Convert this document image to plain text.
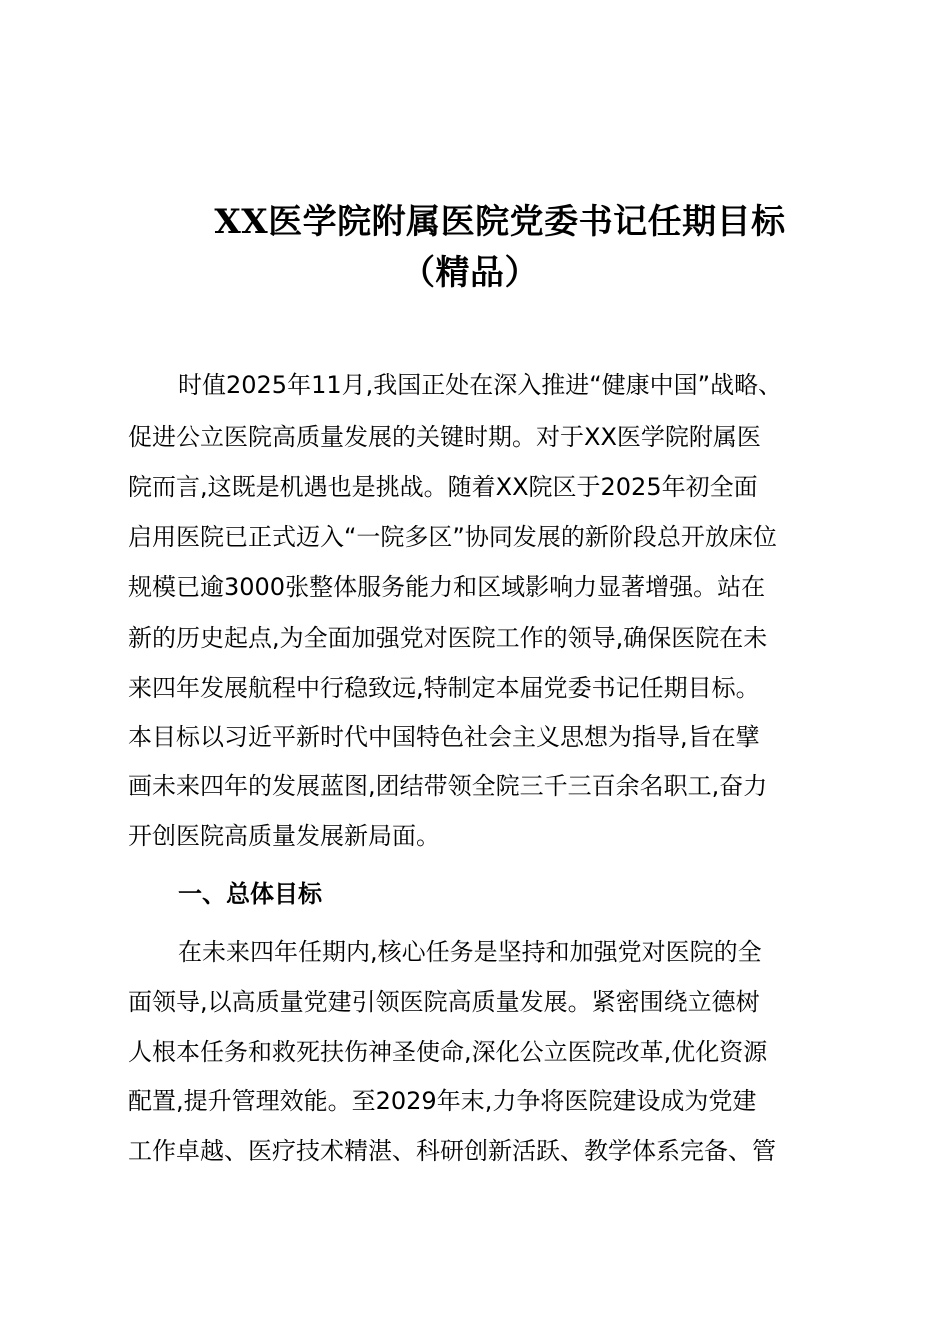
XX医学院附属医院党委书记任期目标
（精品）
时值2025年11月,我国正处在深入推进“健康中国”战略、
促进公立医院高质量发展的关键时期。对于XX医学院附属医
院而言,这既是机遇也是挑战。随着XX院区于2025年初全面
启用医院已正式迈入“一院多区”协同发展的新阶段总开放床位
规模已逾3000张整体服务能力和区域影响力显著增强。站在
新的历史起点,为全面加强党对医院工作的领导,确保医院在未
来四年发展航程中行稳致远,特制定本届党委书记任期目标。
本目标以习近平新时代中国特色社会主义思想为指导,旨在擘
画未来四年的发展蓝图,团结带领全院三千三百余名职工,奋力
开创医院高质量发展新局面。
一、总体目标
在未来四年任期内,核心任务是坚持和加强党对医院的全
面领导,以高质量党建引领医院高质量发展。紧密围绕立德树
人根本任务和救死扶伤神圣使命,深化公立医院改革,优化资源
配置,提升管理效能。至2029年末,力争将医院建设成为党建
工作卓越、医疗技术精湛、科研创新活跃、教学体系完备、管
